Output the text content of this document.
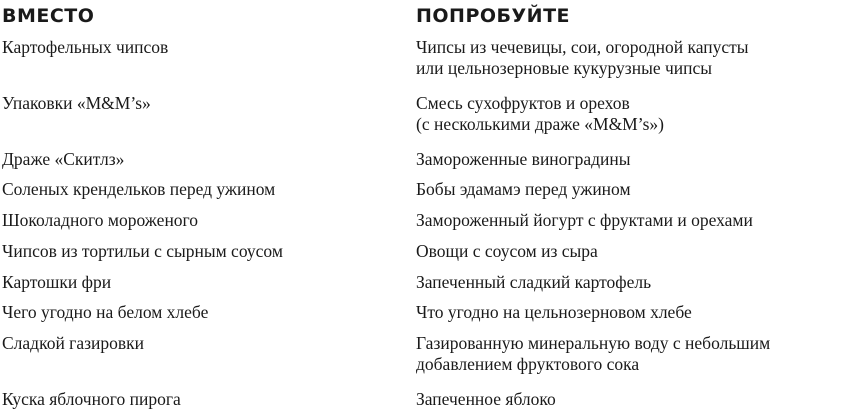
ВМЕСТО	ПОПРОБУЙТЕ
Картофельных чипсов	Чипсы из чечевицы, сои, огородной капусты
или цельнозерновые кукурузные чипсы
Упаковки «M&M’s»	Смесь сухофруктов и орехов
(с несколькими драже «M&M’s»)
Драже «Скитлз»	Замороженные виноградины
Соленых крендельков перед ужином	Бобы эдамамэ перед ужином
Шоколадного мороженого	Замороженный йогурт с фруктами и орехами
Чипсов из тортильи с сырным соусом	Овощи с соусом из сыра
Картошки фри	Запеченный сладкий картофель
Чего угодно на белом хлебе	Что угодно на цельнозерновом хлебе
Сладкой газировки	Газированную минеральную воду с небольшим
добавлением фруктового сока
Куска яблочного пирога	Запеченное яблоко
